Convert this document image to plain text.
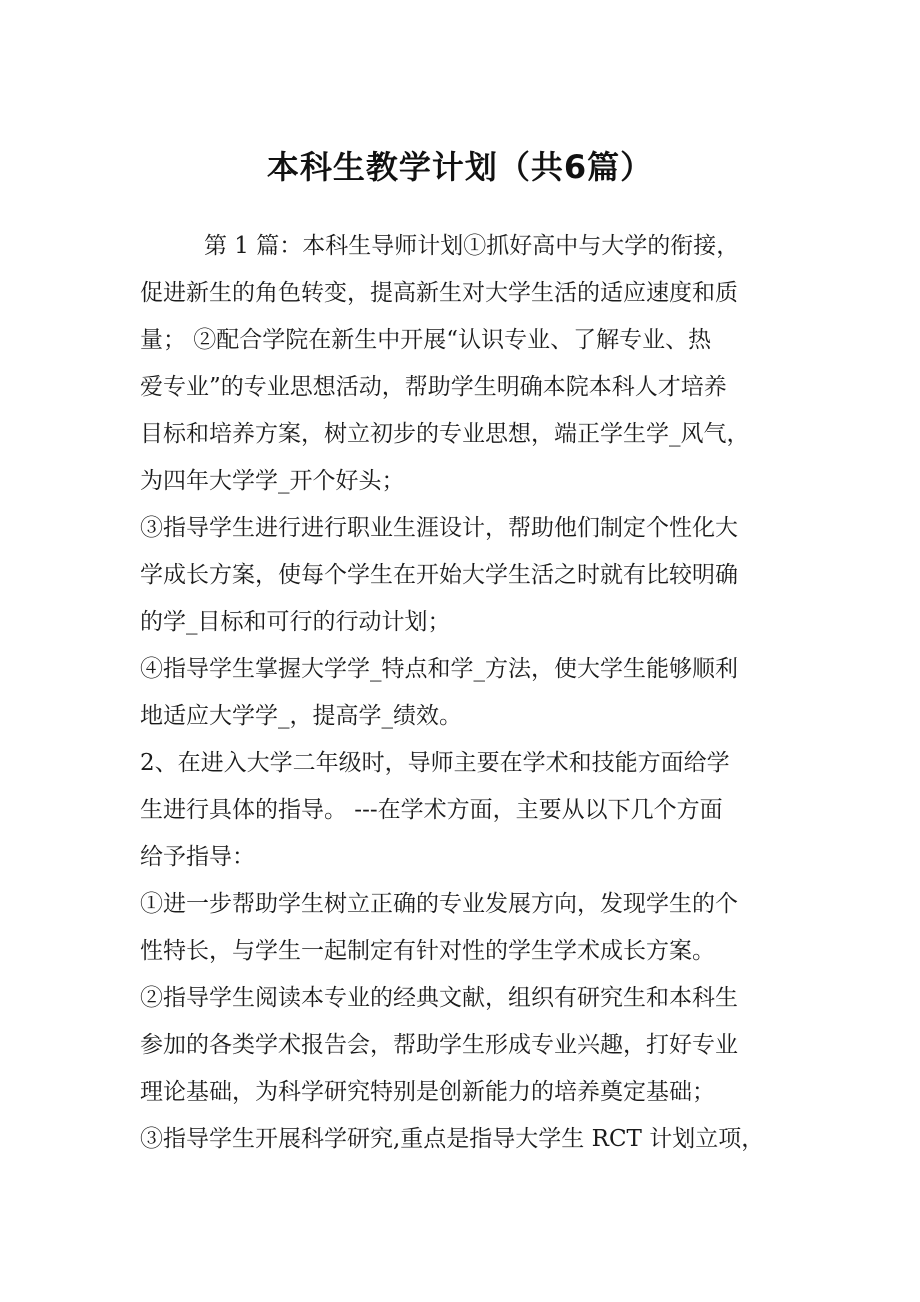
本科生教学计划（共6篇）
第 1 篇：本科生导师计划①抓好高中与大学的衔接，
促进新生的角色转变，提高新生对大学生活的适应速度和质
量； ②配合学院在新生中开展“认识专业、了解专业、热
爱专业”的专业思想活动，帮助学生明确本院本科人才培养
目标和培养方案，树立初步的专业思想，端正学生学_风气，
为四年大学学_开个好头；
③指导学生进行进行职业生涯设计，帮助他们制定个性化大
学成长方案，使每个学生在开始大学生活之时就有比较明确
的学_目标和可行的行动计划；
④指导学生掌握大学学_特点和学_方法，使大学生能够顺利
地适应大学学_，提高学_绩效。
2、在进入大学二年级时，导师主要在学术和技能方面给学
生进行具体的指导。 ---在学术方面，主要从以下几个方面
给予指导：
①进一步帮助学生树立正确的专业发展方向，发现学生的个
性特长，与学生一起制定有针对性的学生学术成长方案。
②指导学生阅读本专业的经典文献，组织有研究生和本科生
参加的各类学术报告会，帮助学生形成专业兴趣，打好专业
理论基础，为科学研究特别是创新能力的培养奠定基础；
③指导学生开展科学研究,重点是指导大学生 RCT 计划立项，
